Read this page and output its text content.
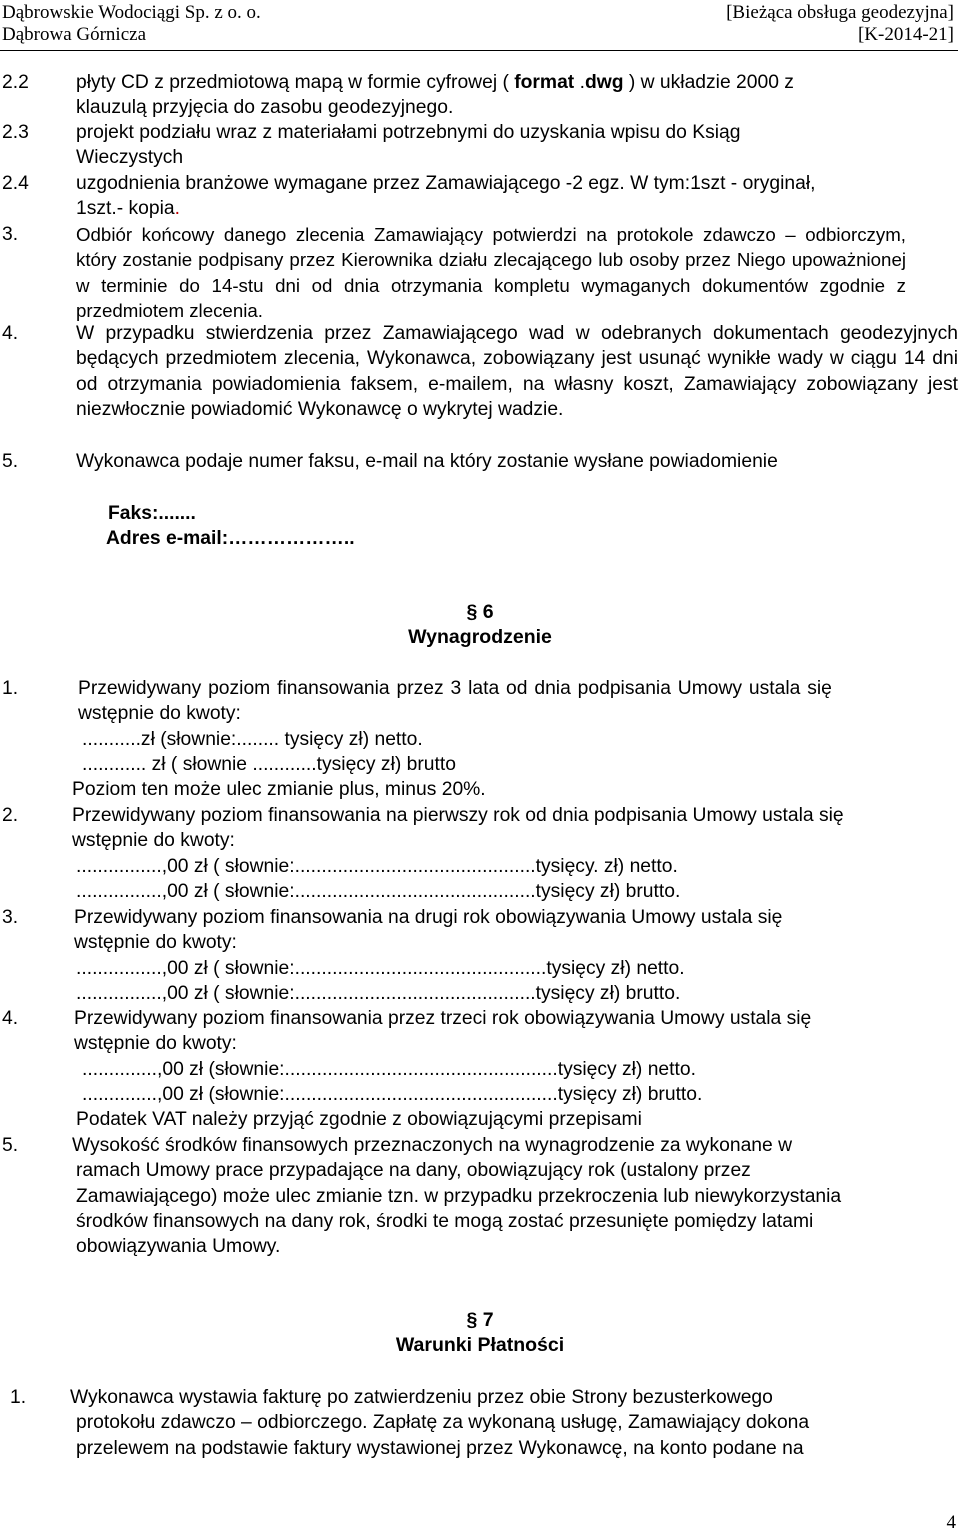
Dąbrowskie Wodociągi Sp. z o. o.
Dąbrowa Górnicza
[Bieżąca obsługa geodezyjna]
[K-2014-21]
2.2 płyty CD z przedmiotową mapą w formie cyfrowej ( format .dwg ) w układzie 2000 z
klauzulą przyjęcia do zasobu geodezyjnego.
2.3 projekt podziału wraz z materiałami potrzebnymi do uzyskania wpisu do Ksiąg
Wieczystych
2.4 uzgodnienia branżowe wymagane przez Zamawiającego -2 egz. W tym:1szt - oryginał,
1szt.- kopia.
3.	Odbiór końcowy danego zlecenia Zamawiający potwierdzi na protokole zdawczo – odbiorczym, który zostanie podpisany przez Kierownika działu zlecającego lub osoby przez Niego upoważnionej w terminie do 14-stu dni od dnia otrzymania kompletu wymaganych dokumentów zgodnie z przedmiotem zlecenia.
4.	W przypadku stwierdzenia przez Zamawiającego wad w odebranych dokumentach geodezyjnych będących przedmiotem zlecenia, Wykonawca, zobowiązany jest usunąć wynikłe wady w ciągu 14 dni od otrzymania powiadomienia faksem, e-mailem, na własny koszt, Zamawiający zobowiązany jest niezwłocznie powiadomić Wykonawcę o wykrytej wadzie.
5.	Wykonawca podaje numer faksu, e-mail na który zostanie wysłane powiadomienie
Faks:.......
Adres e-mail:………………..
§ 6
Wynagrodzenie
1.	Przewidywany poziom finansowania przez 3 lata od dnia podpisania Umowy ustala się
wstępnie do kwoty:
...........zł (słownie:........ tysięcy zł) netto.
............ zł ( słownie ............tysięcy zł) brutto
Poziom ten może ulec zmianie plus, minus 20%.
2.	Przewidywany poziom finansowania na pierwszy rok od dnia podpisania Umowy ustala się
wstępnie do kwoty:
................,00 zł ( słownie:.............................................tysięcy. zł) netto.
................,00 zł ( słownie:.............................................tysięcy zł) brutto.
3.	Przewidywany poziom finansowania na drugi rok obowiązywania Umowy ustala się
wstępnie do kwoty:
................,00 zł ( słownie:...............................................tysięcy zł) netto.
................,00 zł ( słownie:.............................................tysięcy zł) brutto.
4.	Przewidywany poziom finansowania przez trzeci rok obowiązywania Umowy ustala się
wstępnie do kwoty:
..............,00 zł (słownie:...................................................tysięcy zł) netto.
..............,00 zł (słownie:...................................................tysięcy zł) brutto.
Podatek VAT należy przyjąć zgodnie z obowiązującymi przepisami
5.	Wysokość środków finansowych przeznaczonych na wynagrodzenie za wykonane w
ramach Umowy prace przypadające na dany, obowiązujący rok (ustalony przez
Zamawiającego) może ulec zmianie tzn. w przypadku przekroczenia lub niewykorzystania
środków finansowych na dany rok, środki te mogą zostać przesunięte pomiędzy latami
obowiązywania Umowy.
§ 7
Warunki Płatności
1. Wykonawca wystawia fakturę po zatwierdzeniu przez obie Strony bezusterkowego
protokołu zdawczo – odbiorczego. Zapłatę za wykonaną usługę, Zamawiający dokona
przelewem na podstawie faktury wystawionej przez Wykonawcę, na konto podane na
4
